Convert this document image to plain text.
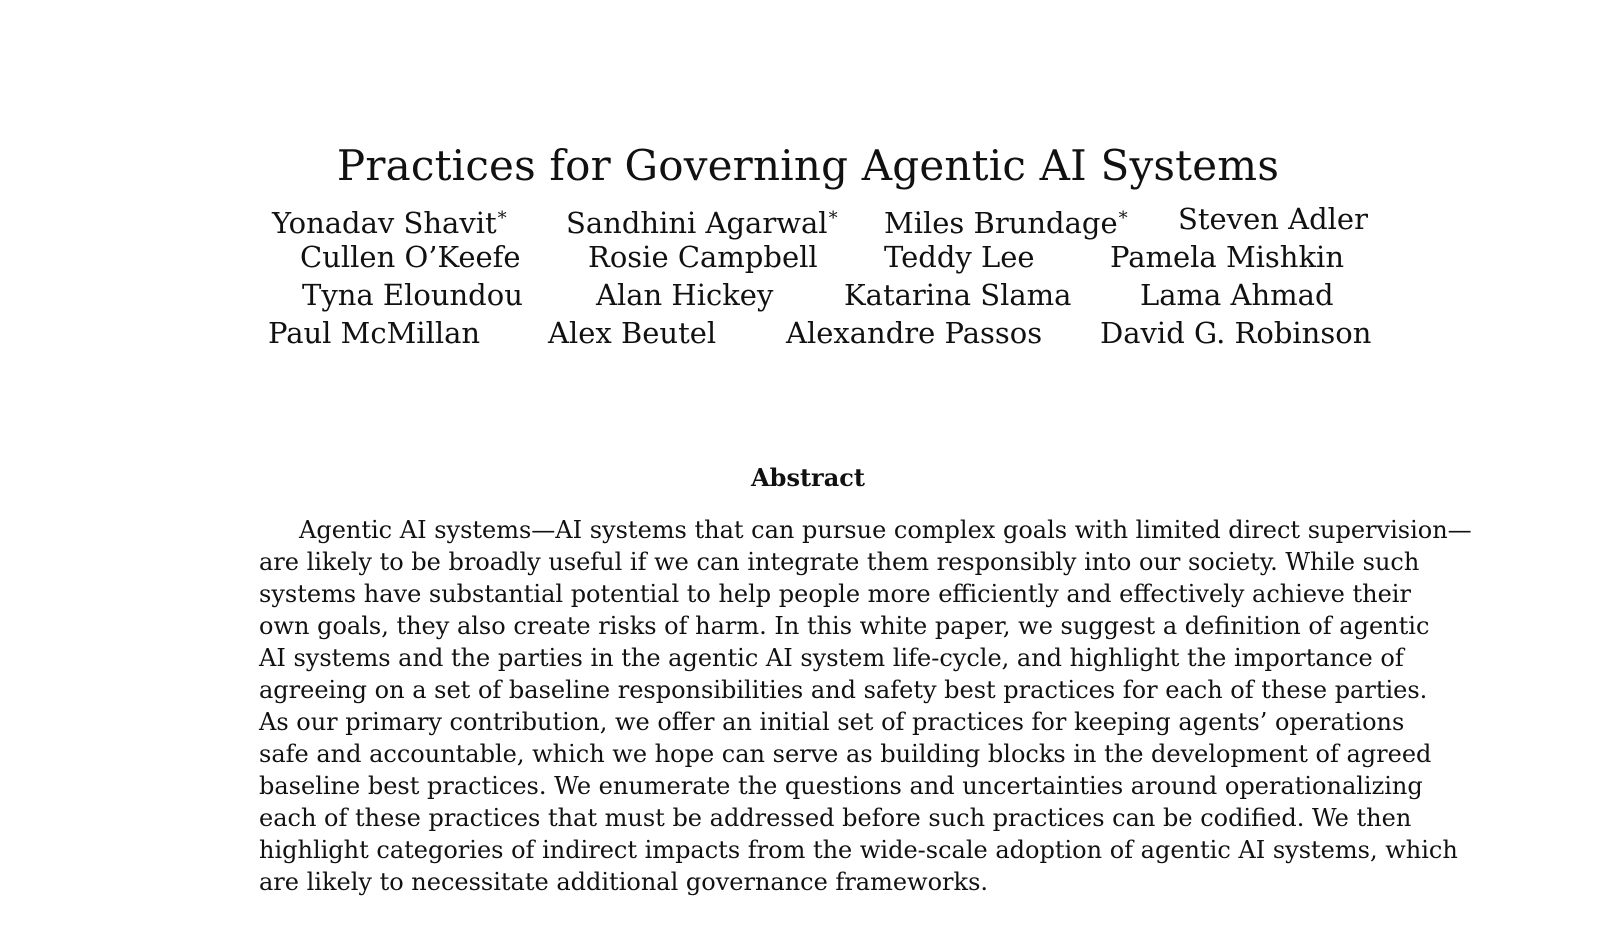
Practices for Governing Agentic AI Systems
Yonadav Shavit* Sandhini Agarwal* Miles Brundage* Steven Adler
Cullen O’Keefe Rosie Campbell Teddy Lee	Pamela Mishkin
Tyna Eloundou	Alan Hickey Katarina Slama Lama Ahmad
Paul McMillan Alex Beutel Alexandre Passos David G. Robinson
Abstract
Agentic AI systems—AI systems that can pursue complex goals with limited direct supervision—
are likely to be broadly useful if we can integrate them responsibly into our society. While such
systems have substantial potential to help people more efficiently and effectively achieve their
own goals, they also create risks of harm. In this white paper, we suggest a definition of agentic
AI systems and the parties in the agentic AI system life-cycle, and highlight the importance of
agreeing on a set of baseline responsibilities and safety best practices for each of these parties.
As our primary contribution, we offer an initial set of practices for keeping agents’ operations
safe and accountable, which we hope can serve as building blocks in the development of agreed
baseline best practices. We enumerate the questions and uncertainties around operationalizing
each of these practices that must be addressed before such practices can be codified. We then
highlight categories of indirect impacts from the wide-scale adoption of agentic AI systems, which
are likely to necessitate additional governance frameworks.
